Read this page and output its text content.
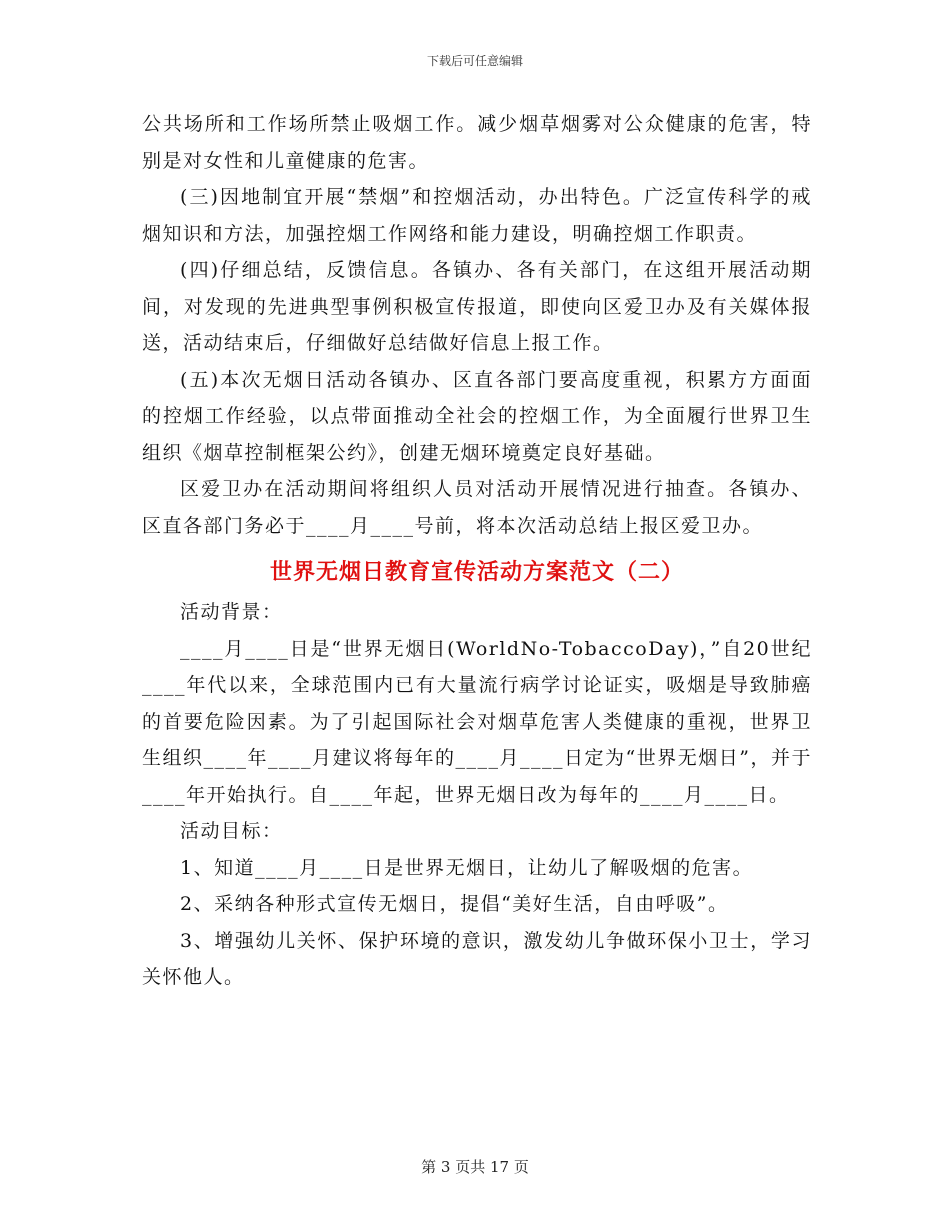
下载后可任意编辑

公共场所和工作场所禁止吸烟工作。减少烟草烟雾对公众健康的危害，特别是对女性和儿童健康的危害。

(三)因地制宜开展“禁烟”和控烟活动，办出特色。广泛宣传科学的戒烟知识和方法，加强控烟工作网络和能力建设，明确控烟工作职责。

(四)仔细总结，反馈信息。各镇办、各有关部门，在这组开展活动期间，对发现的先进典型事例积极宣传报道，即使向区爱卫办及有关媒体报送，活动结束后，仔细做好总结做好信息上报工作。

(五)本次无烟日活动各镇办、区直各部门要高度重视，积累方方面面的控烟工作经验，以点带面推动全社会的控烟工作，为全面履行世界卫生组织《烟草控制框架公约》，创建无烟环境奠定良好基础。

区爱卫办在活动期间将组织人员对活动开展情况进行抽查。各镇办、区直各部门务必于____月____号前，将本次活动总结上报区爱卫办。

世界无烟日教育宣传活动方案范文（二）

活动背景：

____月____日是“世界无烟日(WorldNo-TobaccoDay)，”自20世纪____年代以来，全球范围内已有大量流行病学讨论证实，吸烟是导致肺癌的首要危险因素。为了引起国际社会对烟草危害人类健康的重视，世界卫生组织____年____月建议将每年的____月____日定为“世界无烟日”，并于____年开始执行。自____年起，世界无烟日改为每年的____月____日。

活动目标：

1、知道____月____日是世界无烟日，让幼儿了解吸烟的危害。

2、采纳各种形式宣传无烟日，提倡“美好生活，自由呼吸”。

3、增强幼儿关怀、保护环境的意识，激发幼儿争做环保小卫士，学习关怀他人。

第 3 页共 17 页
